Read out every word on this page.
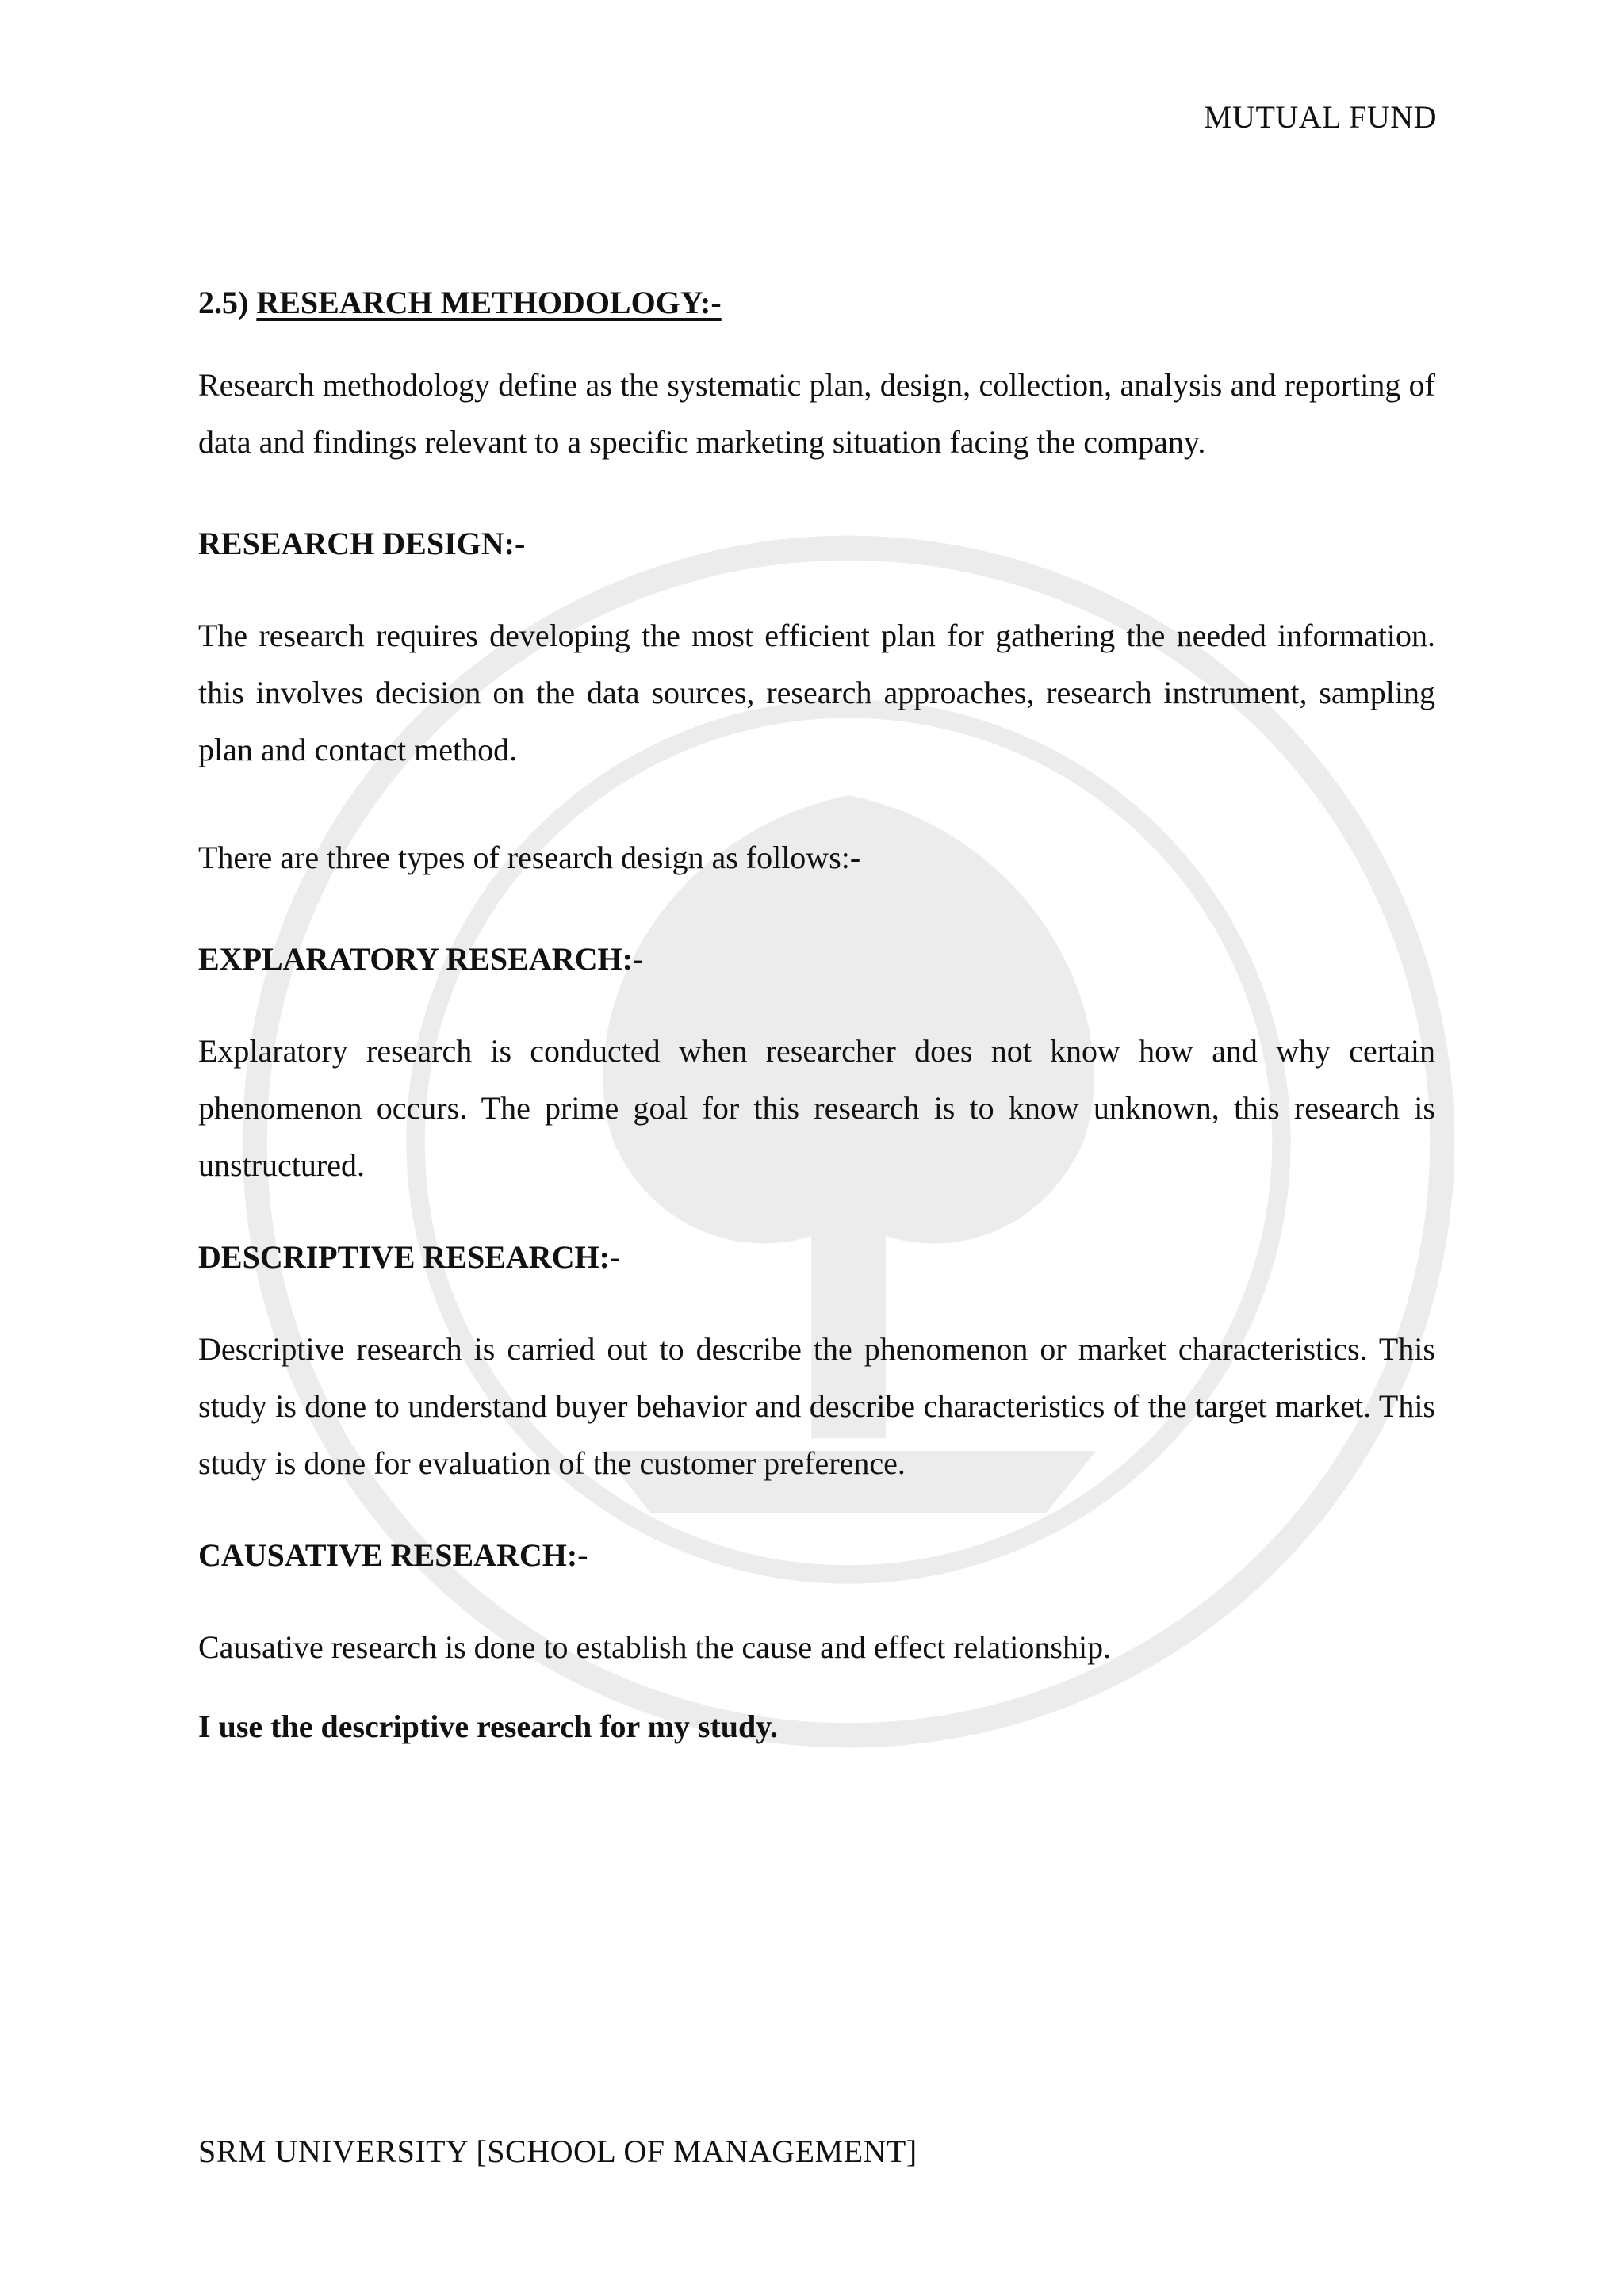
MUTUAL FUND
2.5) RESEARCH METHODOLOGY:-

Research methodology define as the systematic plan, design, collection, analysis and reporting of data and findings relevant to a specific marketing situation facing the company.

RESEARCH DESIGN:-

The research requires developing the most efficient plan for gathering the needed information. this involves decision on the data sources, research approaches, research instrument, sampling plan and contact method.

There are three types of research design as follows:-

EXPLARATORY RESEARCH:-

Explaratory research is conducted when researcher does not know how and why certain phenomenon occurs. The prime goal for this research is to know unknown, this research is unstructured.

DESCRIPTIVE RESEARCH:-

Descriptive research is carried out to describe the phenomenon or market characteristics. This study is done to understand buyer behavior and describe characteristics of the target market. This   study is done for evaluation of the customer preference.

CAUSATIVE RESEARCH:-

Causative research is done to establish the cause and effect relationship.

I use the descriptive research for my study.
SRM UNIVERSITY [SCHOOL OF MANAGEMENT]
